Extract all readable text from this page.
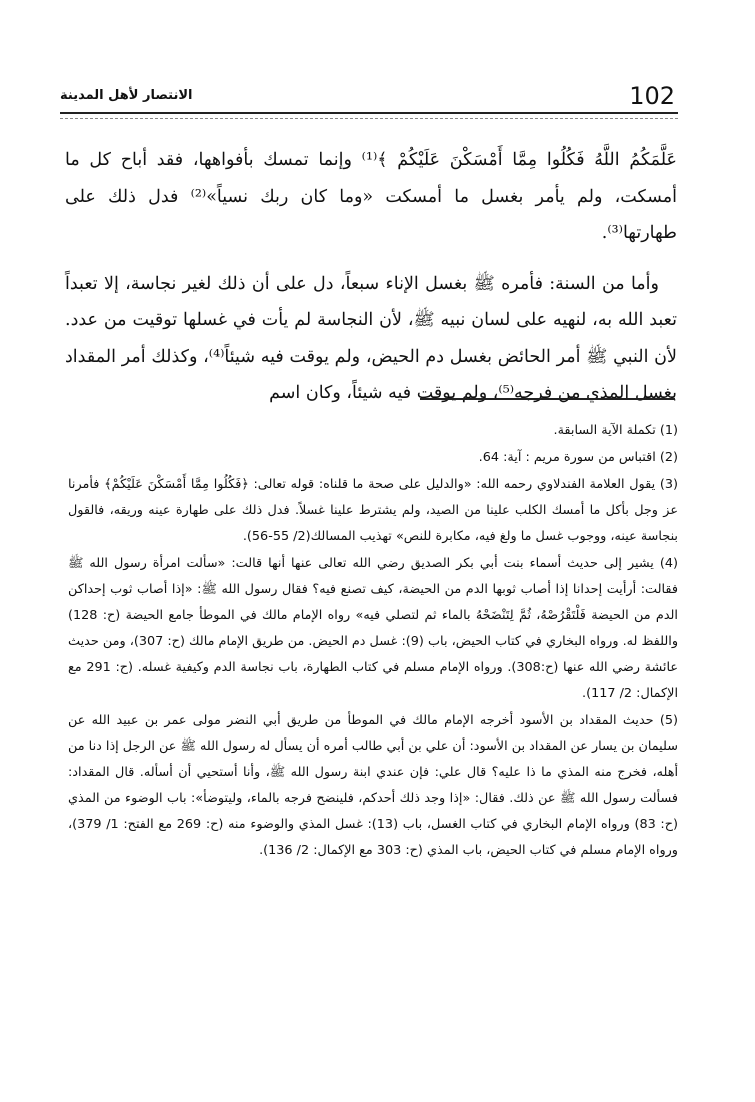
102
الانتصار لأهل المدينة

عَلَّمَكُمُ اللَّهُ فَكُلُوا مِمَّا أَمْسَكْنَ عَلَيْكُمْ ﴾⁽¹⁾ وإنما تمسك بأفواهها، فقد أباح كل ما أمسكت، ولم يأمر بغسل ما أمسكت «وما كان ربك نسياً»⁽²⁾ فدل ذلك على طهارتها⁽³⁾.

وأما من السنة: فأمره ﷺ بغسل الإناء سبعاً، دل على أن ذلك لغير نجاسة، إلا تعبداً تعبد الله به، لنهيه على لسان نبيه ﷺ، لأن النجاسة لم يأت في غسلها توقيت من عدد. لأن النبي ﷺ أمر الحائض بغسل دم الحيض، ولم يوقت فيه شيئاً⁽⁴⁾، وكذلك أمر المقداد بغسل المذي من فرجه⁽⁵⁾، ولم يوقت فيه شيئاً، وكان اسم

(1) تكملة الآية السابقة.

(2) اقتباس من سورة مريم : آية: 64.

(3) يقول العلامة الفندلاوي رحمه الله: «والدليل على صحة ما قلناه: قوله تعالى: ﴿فَكُلُوا مِمَّا أَمْسَكْنَ عَلَيْكُمْ﴾ فأمرنا عز وجل بأكل ما أمسك الكلب علينا من الصيد، ولم يشترط علينا غسلاً. فدل ذلك على طهارة عينه وريقه، فالقول بنجاسة عينه، ووجوب غسل ما ولغ فيه، مكابرة للنص» تهذيب المسالك(2/ 55-56).

(4) يشير إلى حديث أسماء بنت أبي بكر الصديق رضي الله تعالى عنها أنها قالت: «سألت امرأة رسول الله ﷺ فقالت: أرأيت إحدانا إذا أصاب ثوبها الدم من الحيضة، كيف تصنع فيه؟ فقال رسول الله ﷺ: «إذا أصاب ثوب إحداكن الدم من الحيضة فَلْتَقْرُصْهُ، ثُمَّ لِتَنْضَحْهُ بالماء ثم لتصلي فيه» رواه الإمام مالك في الموطأ جامع الحيضة (ح: 128) واللفظ له. ورواه البخاري في كتاب الحيض، باب (9): غسل دم الحيض. من طريق الإمام مالك (ح: 307)، ومن حديث عائشة رضي الله عنها (ح:308). ورواه الإمام مسلم في كتاب الطهارة، باب نجاسة الدم وكيفية غسله. (ح: 291 مع الإكمال: 2/ 117).

(5) حديث المقداد بن الأسود أخرجه الإمام مالك في الموطأ من طريق أبي النضر مولى عمر بن عبيد الله عن سليمان بن يسار عن المقداد بن الأسود: أن علي بن أبي طالب أمره أن يسأل له رسول الله ﷺ عن الرجل إذا دنا من أهله، فخرج منه المذي ما ذا عليه؟ قال علي: فإن عندي ابنة رسول الله ﷺ، وأنا أستحيي أن أسأله. قال المقداد: فسألت رسول الله ﷺ عن ذلك. فقال: «إذا وجد ذلك أحدكم، فلينضح فرجه بالماء، وليتوضأ»: باب الوضوء من المذي (ح: 83) ورواه الإمام البخاري في كتاب الغسل، باب (13): غسل المذي والوضوء منه (ح: 269 مع الفتح: 1/ 379)، ورواه الإمام مسلم في كتاب الحيض، باب المذي (ح: 303 مع الإكمال: 2/ 136).
